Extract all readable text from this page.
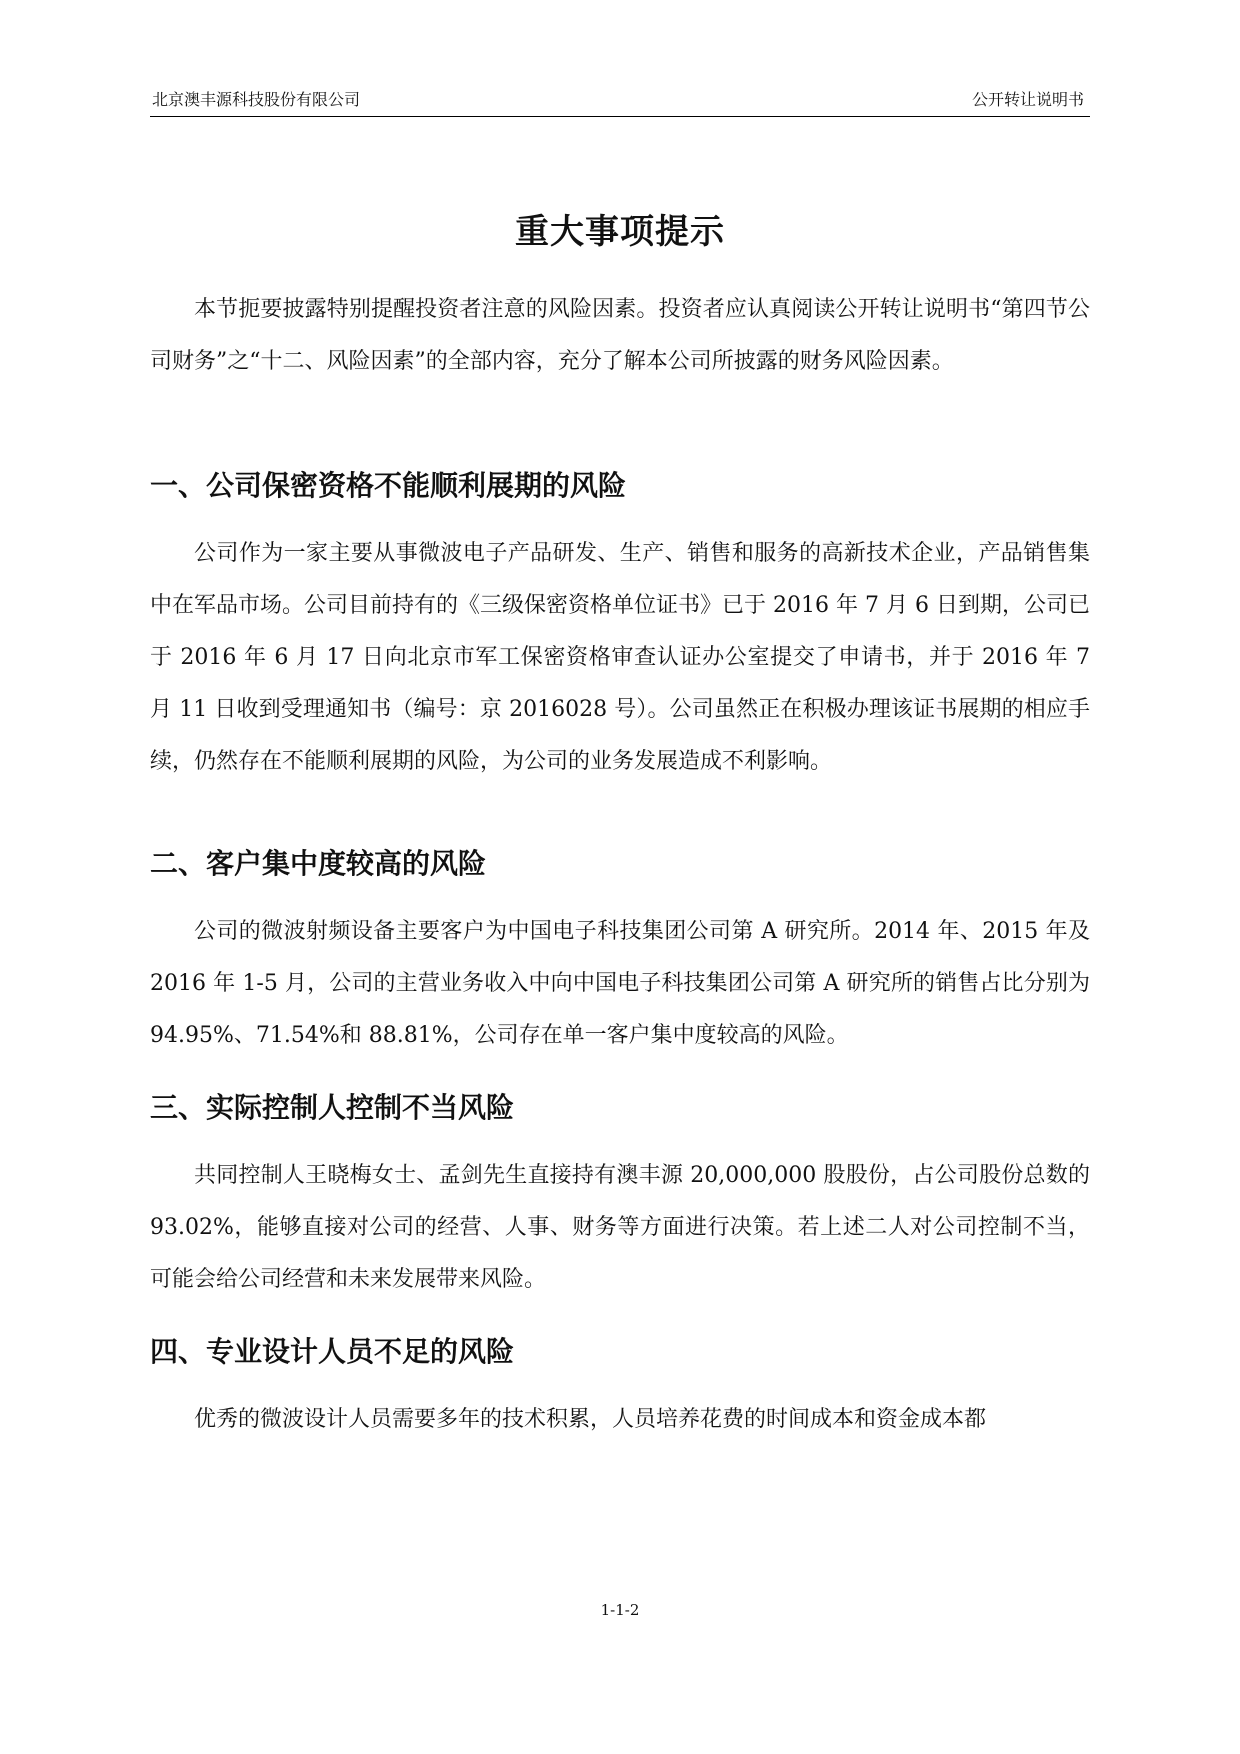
北京澳丰源科技股份有限公司	公开转让说明书
重大事项提示

本节扼要披露特别提醒投资者注意的风险因素。投资者应认真阅读公开转让说明书“第四节公司财务”之“十二、风险因素”的全部内容，充分了解本公司所披露的财务风险因素。

一、公司保密资格不能顺利展期的风险

公司作为一家主要从事微波电子产品研发、生产、销售和服务的高新技术企业，产品销售集中在军品市场。公司目前持有的《三级保密资格单位证书》已于 2016 年 7 月 6 日到期，公司已于 2016 年 6 月 17 日向北京市军工保密资格审查认证办公室提交了申请书，并于 2016 年 7 月 11 日收到受理通知书（编号：京 2016028 号）。公司虽然正在积极办理该证书展期的相应手续，仍然存在不能顺利展期的风险，为公司的业务发展造成不利影响。

二、客户集中度较高的风险

公司的微波射频设备主要客户为中国电子科技集团公司第 A 研究所。2014 年、2015 年及 2016 年 1-5 月，公司的主营业务收入中向中国电子科技集团公司第 A 研究所的销售占比分别为 94.95%、71.54%和 88.81%，公司存在单一客户集中度较高的风险。

三、实际控制人控制不当风险

共同控制人王晓梅女士、孟剑先生直接持有澳丰源 20,000,000 股股份，占公司股份总数的 93.02%，能够直接对公司的经营、人事、财务等方面进行决策。若上述二人对公司控制不当，可能会给公司经营和未来发展带来风险。

四、专业设计人员不足的风险

优秀的微波设计人员需要多年的技术积累，人员培养花费的时间成本和资金成本都

1-1-2
